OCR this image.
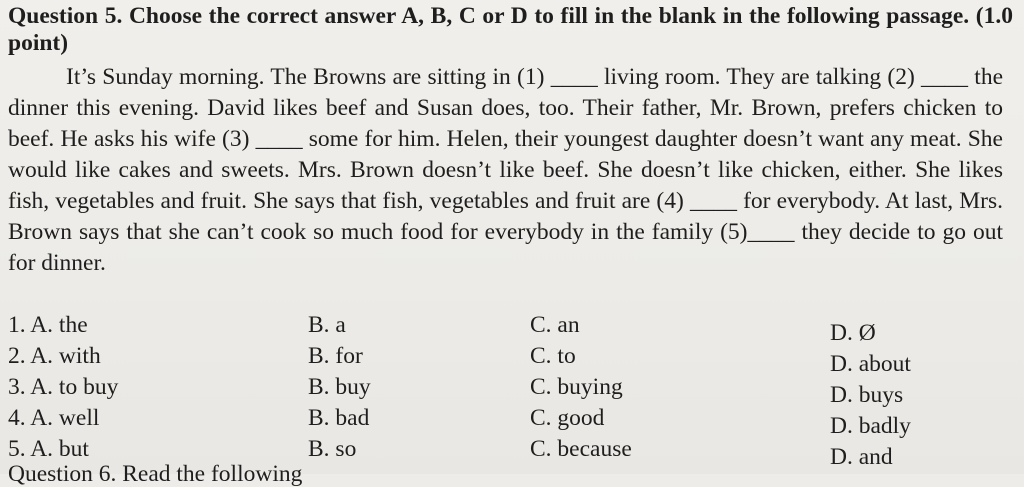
Question 5. Choose the correct answer A, B, C or D to fill in the blank in the following passage. (1.0 point)
It’s Sunday morning. The Browns are sitting in (1) ____ living room. They are talking (2) ____ the dinner this evening. David likes beef and Susan does, too. Their father, Mr. Brown, prefers chicken to beef. He asks his wife (3) ____ some for him. Helen, their youngest daughter doesn’t want any meat. She would like cakes and sweets. Mrs. Brown doesn’t like beef. She doesn’t like chicken, either. She likes fish, vegetables and fruit. She says that fish, vegetables and fruit are (4) ____ for everybody. At last, Mrs. Brown says that she can’t cook so much food for everybody in the family (5)____ they decide to go out for dinner.
1. A. the	B. a	C. an	D. Ø
2. A. with	B. for	C. to	D. about
3. A. to buy	B. buy	C. buying	D. buys
4. A. well	B. bad	C. good	D. badly
5. A. but	B. so	C. because	D. and
Question 6. Read the following
